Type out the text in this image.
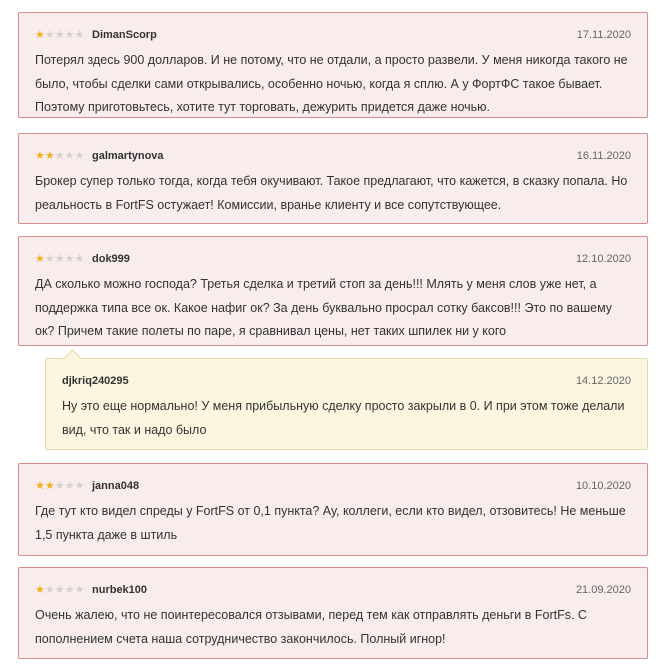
★★★★★ DimanScorp	17.11.2020
Потерял здесь 900 долларов. И не потому, что не отдали, а просто развели. У меня никогда такого не было, чтобы сделки сами открывались, особенно ночью, когда я сплю. А у ФортФС такое бывает. Поэтому приготовьтесь, хотите тут торговать, дежурить придется даже ночью.
★★★★★ galmartynova	16.11.2020
Брокер супер только тогда, когда тебя окучивают. Такое предлагают, что кажется, в сказку попала. Но реальность в FortFS остужает! Комиссии, вранье клиенту и все сопутствующее.
★★★★★ dok999	12.10.2020
ДА сколько можно господа? Третья сделка и третий стоп за день!!! Млять у меня слов уже нет, а поддержка типа все ок. Какое нафиг ок? За день буквально просрал сотку баксов!!! Это по вашему ок? Причем такие полеты по паре, я сравнивал цены, нет таких шпилек ни у кого
djkriq240295	14.12.2020
Ну это еще нормально! У меня прибыльную сделку просто закрыли в 0. И при этом тоже делали вид, что так и надо было
★★★★★ janna048	10.10.2020
Где тут кто видел спреды у FortFS от 0,1 пункта? Ау, коллеги, если кто видел, отзовитесь! Не меньше 1,5 пункта даже в штиль
★★★★★ nurbek100	21.09.2020
Очень жалею, что не поинтересовался отзывами, перед тем как отправлять деньги в FortFs. С пополнением счета наша сотрудничество закончилось. Полный игнор!
